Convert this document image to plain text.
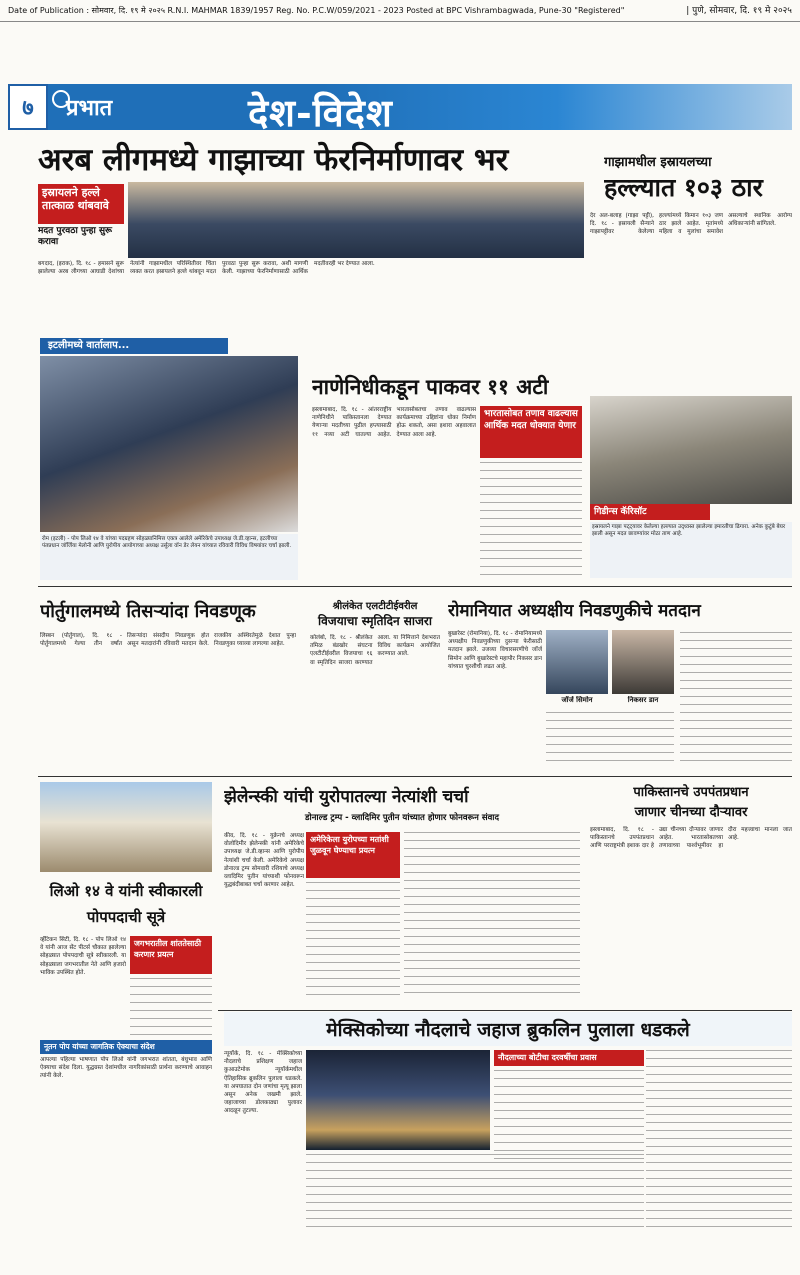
Date of Publication : सोमवार, दि. १९ मे २०२५ R.N.I. MAHMAR 1839/1957 Reg. No. P.C.W/059/2021 - 2023 Posted at BPC Vishrambagwada, Pune-30 "Registered"	| पुणे, सोमवार, दि. १९ मे २०२५
७	प्रभात	देश-विदेश
अरब लीगमध्ये गाझाच्या फेरनिर्माणावर भर
इस्रायलने हल्ले तात्काळ थांबवावे
मदत पुरवठा पुन्हा सुरू करावा
बगदाद, (इराक), दि. १८ - हमासने सुरू झालेल्या अरब लीगच्या आघाडी देशांच्या नेत्यांनी गाझामधील परिस्थितीवर चिंता व्यक्त करत इस्रायलने हल्ले थांबवून मदत पुरवठा पुन्हा सुरू करावा, अशी मागणी केली. गाझाच्या फेरनिर्माणासाठी आर्थिक मदतीवरही भर देण्यात आला.
गाझामधील इस्रायलच्या
हल्ल्यात १०३ ठार
देर अल-बलाह (गाझा पट्टी), दि. १८ - इस्रायली सैन्याने गाझापट्टीवर केलेल्या हल्ल्यांमध्ये किमान १०३ जण ठार झाले आहेत. मृतांमध्ये महिला व मुलांचा समावेश असल्याचे स्थानिक आरोग्य अधिकाऱ्यांनी सांगितले.
इटलीमध्ये वार्तालाप...
रोम (इटली) - पोप लिओ १४ वे यांच्या पदग्रहण सोहळ्यानिमित्त एकत्र आलेले अमेरिकेचे उपाध्यक्ष जे.डी.व्हान्स, इटलीच्या पंतप्रधान जॉर्जिया मेलोनी आणि युरोपीय आयोगाच्या अध्यक्ष उर्सुला वॉन डेर लेयन यांच्यात रविवारी विविध विषयांवर चर्चा झाली.
नाणेनिधीकडून पाकवर ११ अटी
भारतासोबत तणाव वाढल्यास आर्थिक मदत धोक्यात येणार
इस्लामाबाद, दि. १८ - आंतरराष्ट्रीय नाणेनिधीने पाकिस्तानला देण्यात येणाऱ्या मदतीच्या पुढील हप्त्यासाठी ११ नव्या अटी घातल्या आहेत. भारतासोबतचा तणाव वाढल्यास कार्यक्रमाच्या उद्दिष्टांना धोका निर्माण होऊ शकतो, असा इशारा अहवालात देण्यात आला आहे.
गिडीन्स कॅरिसॉट
इस्रायलने गाझा पट्ट्यावर केलेल्या हल्ल्यात उद्ध्वस्त झालेल्या इमारतीचा ढिगारा. अनेक कुटुंबे बेघर झाली असून मदत छावण्यांवर मोठा ताण आहे.
पोर्तुगालमध्ये तिसऱ्यांदा निवडणूक
लिस्बन (पोर्तुगाल), दि. १८ - पोर्तुगालमध्ये गेल्या तीन वर्षांत तिसऱ्यांदा संसदीय निवडणूक होत असून मतदारांनी रविवारी मतदान केले. राजकीय अस्थिरतेमुळे देशात पुन्हा निवडणुका घ्याव्या लागल्या आहेत.
श्रीलंकेत एलटीटीईवरील
विजयाचा स्मृतिदिन साजरा
कोलंबो, दि. १८ - श्रीलंकेत तमिळ बंडखोर संघटना एलटीटीईवरील विजयाचा १६ वा स्मृतिदिन साजरा करण्यात आला. या निमित्ताने देशभरात विविध कार्यक्रम आयोजित करण्यात आले.
रोमानियात अध्यक्षीय निवडणुकीचे मतदान
जॉर्ज सिमोन	निकसर डान
बुखारेस्ट (रोमानिया), दि. १८ - रोमानियामध्ये अध्यक्षीय निवडणुकीच्या दुसऱ्या फेरीसाठी मतदान झाले. उजव्या विचारसरणीचे जॉर्ज सिमोन आणि बुखारेस्टचे महापौर निकसर डान यांच्यात चुरशीची लढत आहे.
झेलेन्स्की यांची युरोपातल्या नेत्यांशी चर्चा
डोनाल्ड ट्रम्प - व्लादिमिर पुतीन यांच्यात होणार फोनवरून संवाद
अमेरिकेला युरोपच्या मतांशी जुळवून घेण्याचा प्रयत्न
कीव, दि. १८ - युक्रेनचे अध्यक्ष वोलोदिमीर झेलेन्स्की यांनी अमेरिकेचे उपाध्यक्ष जे.डी.व्हान्स आणि युरोपीय नेत्यांशी चर्चा केली. अमेरिकेचे अध्यक्ष डोनाल्ड ट्रम्प सोमवारी रशियाचे अध्यक्ष व्लादिमिर पुतीन यांच्याशी फोनवरून युद्धबंदीबाबत चर्चा करणार आहेत.
पाकिस्तानचे उपपंतप्रधान
जाणार चीनच्या दौऱ्यावर
इस्लामाबाद, दि. १८ - पाकिस्तानचे उपपंतप्रधान आणि परराष्ट्रमंत्री इशाक दार हे उद्या चीनच्या दौऱ्यावर जाणार आहेत. भारतासोबतच्या तणावाच्या पार्श्वभूमीवर हा दौरा महत्त्वाचा मानला जात आहे.
लिओ १४ वे यांनी स्वीकारली पोपपदाची सूत्रे
व्हॅटिकन सिटी, दि. १८ - पोप लिओ १४ वे यांनी आज सेंट पीटर्स चौकात झालेल्या सोहळ्यात पोपपदाची सूत्रे स्वीकारली. या सोहळ्याला जगभरातील नेते आणि हजारो भाविक उपस्थित होते.
जगभरातील शांततेसाठी करणार प्रयत्न
नूतन पोप यांच्या जागतिक ऐक्याचा संदेश
आपल्या पहिल्या भाषणात पोप लिओ यांनी जगभरात शांतता, बंधुभाव आणि ऐक्याचा संदेश दिला. युद्धग्रस्त देशांमधील नागरिकांसाठी प्रार्थना करण्याचे आवाहन त्यांनी केले.
मेक्सिकोच्या नौदलाचे जहाज ब्रुकलिन पुलाला धडकले
न्यूयॉर्क, दि. १८ - मेक्सिकोच्या नौदलाचे प्रशिक्षण जहाज कुआउटेमोक न्यूयॉर्कमधील ऐतिहासिक ब्रुकलिन पुलाला धडकले. या अपघातात दोन जणांचा मृत्यू झाला असून अनेक जखमी झाले. जहाजाच्या डोलकाठ्या पुलावर आदळून तुटल्या.
नौदलाच्या बोटीचा दरवर्षीचा प्रवास
